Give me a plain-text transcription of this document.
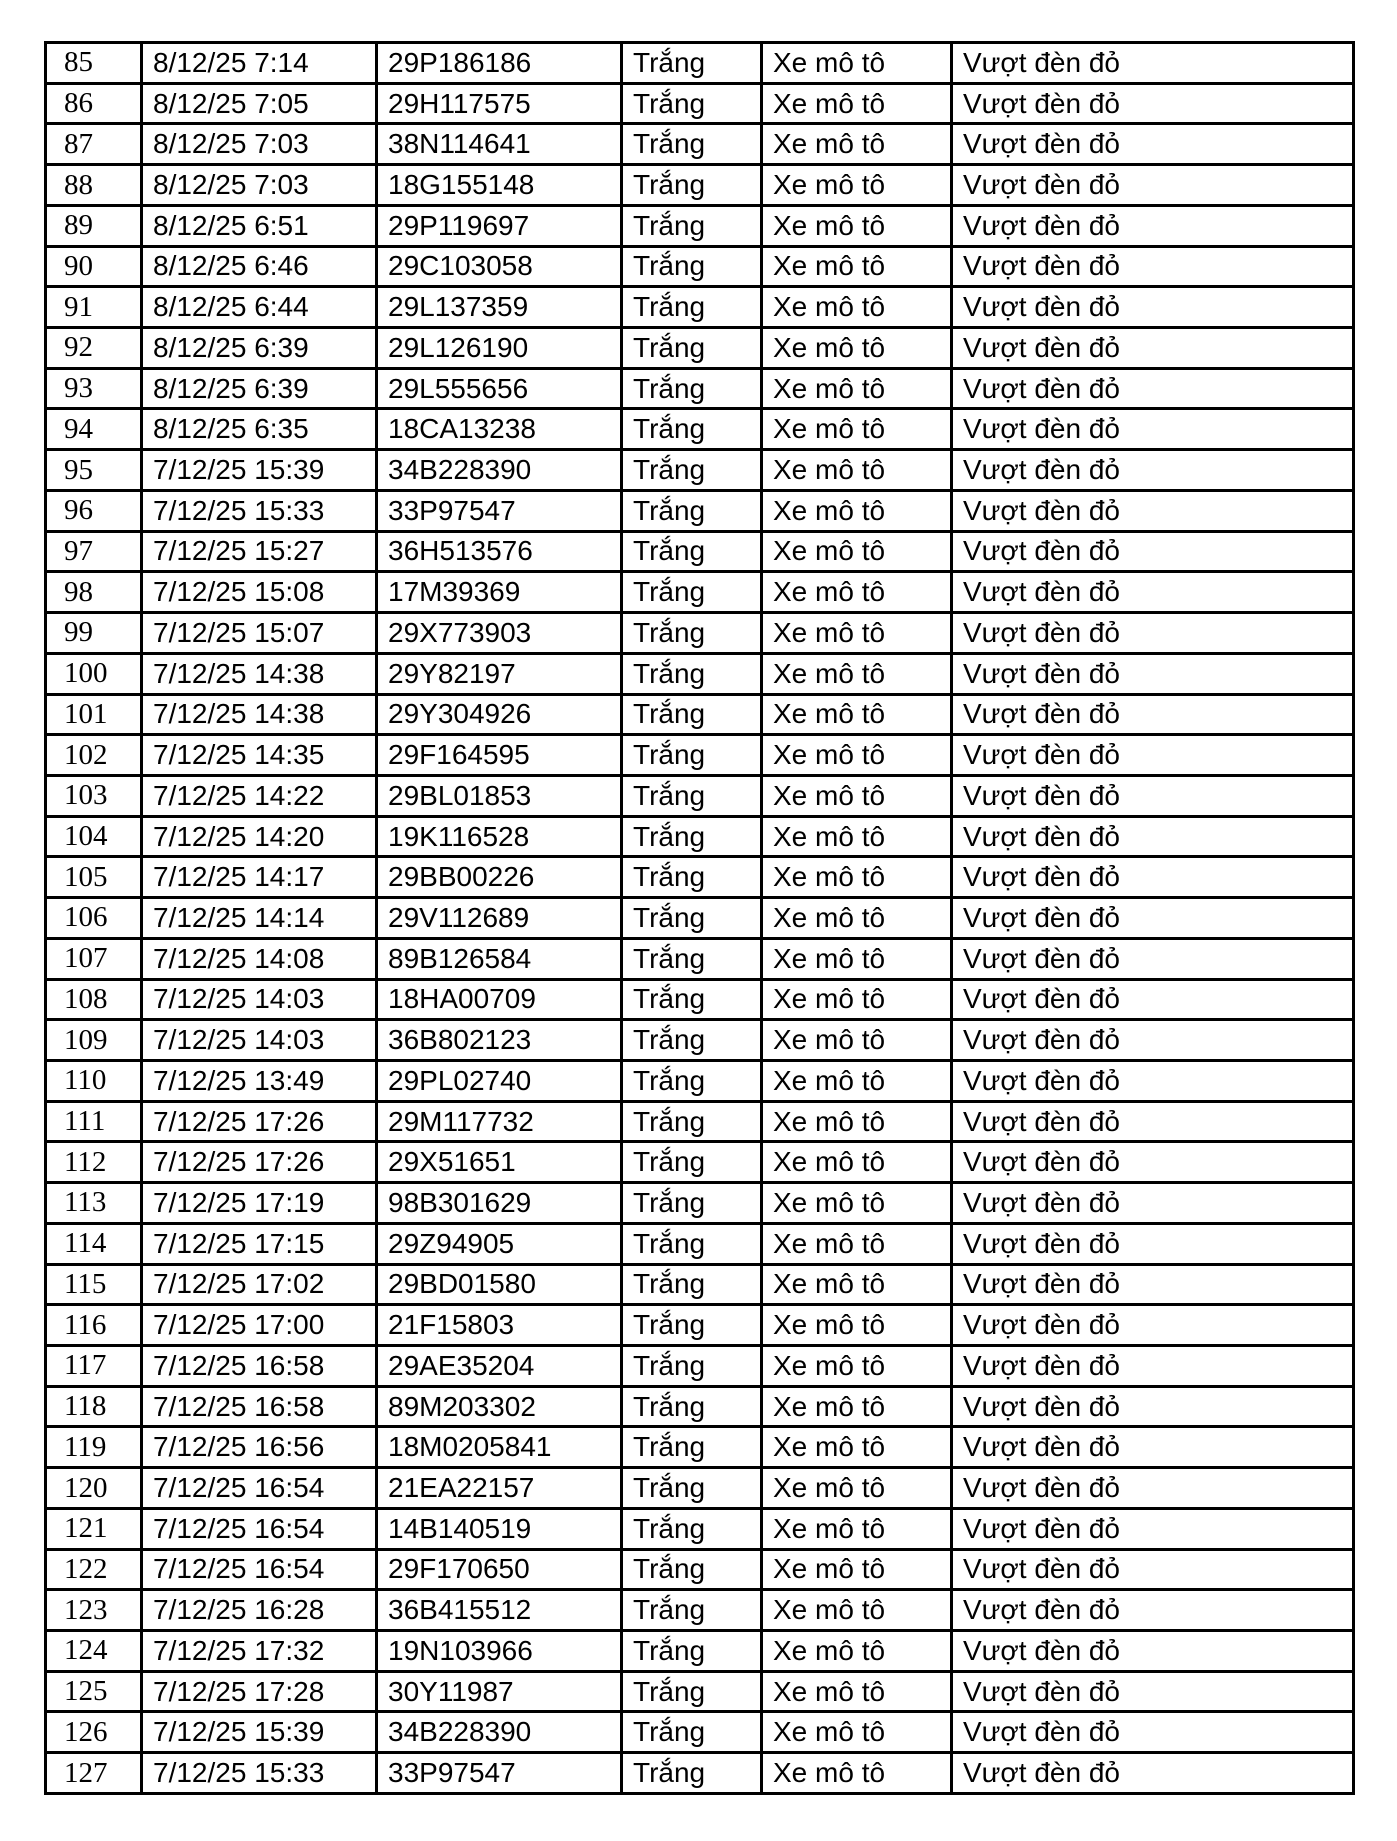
85	8/12/25 7:14	29P186186	Trắng	Xe mô tô	Vượt đèn đỏ
86	8/12/25 7:05	29H117575	Trắng	Xe mô tô	Vượt đèn đỏ
87	8/12/25 7:03	38N114641	Trắng	Xe mô tô	Vượt đèn đỏ
88	8/12/25 7:03	18G155148	Trắng	Xe mô tô	Vượt đèn đỏ
89	8/12/25 6:51	29P119697	Trắng	Xe mô tô	Vượt đèn đỏ
90	8/12/25 6:46	29C103058	Trắng	Xe mô tô	Vượt đèn đỏ
91	8/12/25 6:44	29L137359	Trắng	Xe mô tô	Vượt đèn đỏ
92	8/12/25 6:39	29L126190	Trắng	Xe mô tô	Vượt đèn đỏ
93	8/12/25 6:39	29L555656	Trắng	Xe mô tô	Vượt đèn đỏ
94	8/12/25 6:35	18CA13238	Trắng	Xe mô tô	Vượt đèn đỏ
95	7/12/25 15:39	34B228390	Trắng	Xe mô tô	Vượt đèn đỏ
96	7/12/25 15:33	33P97547	Trắng	Xe mô tô	Vượt đèn đỏ
97	7/12/25 15:27	36H513576	Trắng	Xe mô tô	Vượt đèn đỏ
98	7/12/25 15:08	17M39369	Trắng	Xe mô tô	Vượt đèn đỏ
99	7/12/25 15:07	29X773903	Trắng	Xe mô tô	Vượt đèn đỏ
100	7/12/25 14:38	29Y82197	Trắng	Xe mô tô	Vượt đèn đỏ
101	7/12/25 14:38	29Y304926	Trắng	Xe mô tô	Vượt đèn đỏ
102	7/12/25 14:35	29F164595	Trắng	Xe mô tô	Vượt đèn đỏ
103	7/12/25 14:22	29BL01853	Trắng	Xe mô tô	Vượt đèn đỏ
104	7/12/25 14:20	19K116528	Trắng	Xe mô tô	Vượt đèn đỏ
105	7/12/25 14:17	29BB00226	Trắng	Xe mô tô	Vượt đèn đỏ
106	7/12/25 14:14	29V112689	Trắng	Xe mô tô	Vượt đèn đỏ
107	7/12/25 14:08	89B126584	Trắng	Xe mô tô	Vượt đèn đỏ
108	7/12/25 14:03	18HA00709	Trắng	Xe mô tô	Vượt đèn đỏ
109	7/12/25 14:03	36B802123	Trắng	Xe mô tô	Vượt đèn đỏ
110	7/12/25 13:49	29PL02740	Trắng	Xe mô tô	Vượt đèn đỏ
111	7/12/25 17:26	29M117732	Trắng	Xe mô tô	Vượt đèn đỏ
112	7/12/25 17:26	29X51651	Trắng	Xe mô tô	Vượt đèn đỏ
113	7/12/25 17:19	98B301629	Trắng	Xe mô tô	Vượt đèn đỏ
114	7/12/25 17:15	29Z94905	Trắng	Xe mô tô	Vượt đèn đỏ
115	7/12/25 17:02	29BD01580	Trắng	Xe mô tô	Vượt đèn đỏ
116	7/12/25 17:00	21F15803	Trắng	Xe mô tô	Vượt đèn đỏ
117	7/12/25 16:58	29AE35204	Trắng	Xe mô tô	Vượt đèn đỏ
118	7/12/25 16:58	89M203302	Trắng	Xe mô tô	Vượt đèn đỏ
119	7/12/25 16:56	18M0205841	Trắng	Xe mô tô	Vượt đèn đỏ
120	7/12/25 16:54	21EA22157	Trắng	Xe mô tô	Vượt đèn đỏ
121	7/12/25 16:54	14B140519	Trắng	Xe mô tô	Vượt đèn đỏ
122	7/12/25 16:54	29F170650	Trắng	Xe mô tô	Vượt đèn đỏ
123	7/12/25 16:28	36B415512	Trắng	Xe mô tô	Vượt đèn đỏ
124	7/12/25 17:32	19N103966	Trắng	Xe mô tô	Vượt đèn đỏ
125	7/12/25 17:28	30Y11987	Trắng	Xe mô tô	Vượt đèn đỏ
126	7/12/25 15:39	34B228390	Trắng	Xe mô tô	Vượt đèn đỏ
127	7/12/25 15:33	33P97547	Trắng	Xe mô tô	Vượt đèn đỏ
